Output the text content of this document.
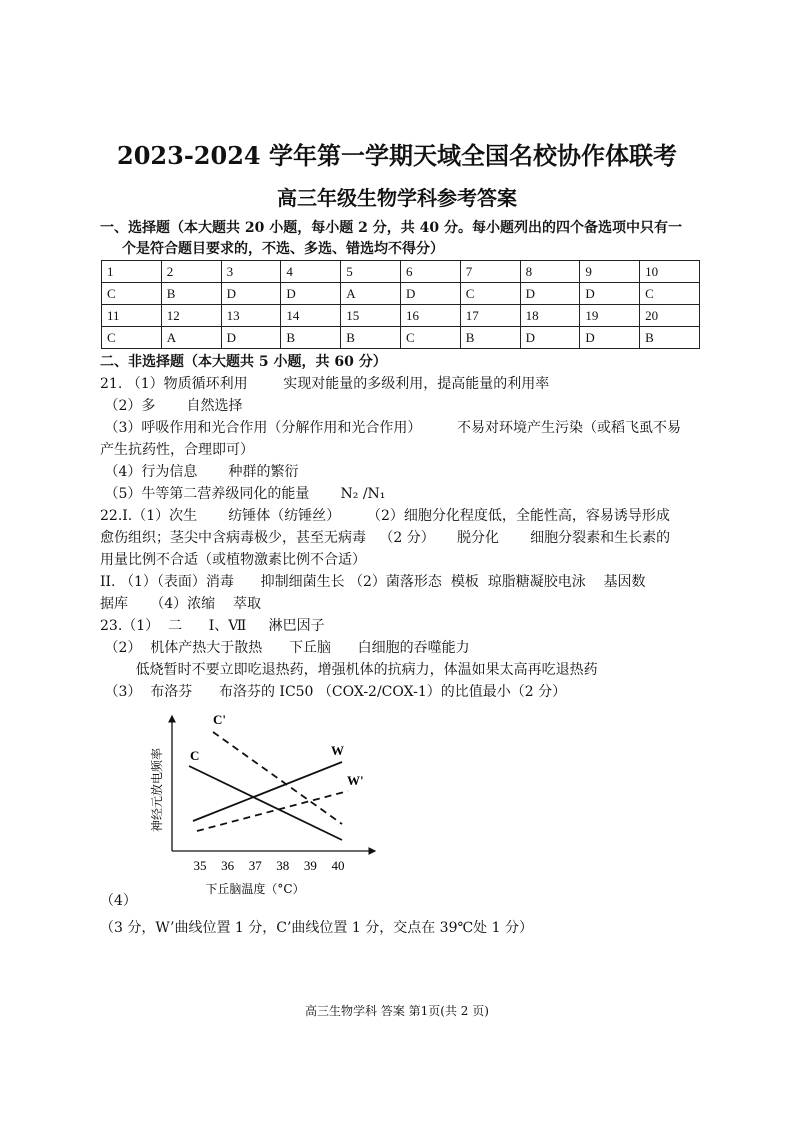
2023-2024 学年第一学期天域全国名校协作体联考
高三年级生物学科参考答案
一、选择题（本大题共 20 小题，每小题 2 分，共 40 分。每小题列出的四个备选项中只有一
个是符合题目要求的，不选、多选、错选均不得分）
1	2	3	4	5	6	7	8	9	10
C	B	D	D	A	D	C	D	D	C
11	12	13	14	15	16	17	18	19	20
C	A	D	B	B	C	B	D	D	B
二、非选择题（本大题共 5 小题，共 60 分）
21. （1）物质循环利用        实现对能量的多级利用，提高能量的利用率
（2）多       自然选择
（3）呼吸作用和光合作用（分解作用和光合作用）        不易对环境产生污染（或稻飞虱不易
产生抗药性，合理即可）
（4）行为信息       种群的繁衍
（5）牛等第二营养级同化的能量       N₂ /N₁
22.Ⅰ.（1）次生       纺锤体（纺锤丝）      （2）细胞分化程度低，全能性高，容易诱导形成
愈伤组织；茎尖中含病毒极少，甚至无病毒   （2 分）     脱分化       细胞分裂素和生长素的
用量比例不合适（或植物激素比例不合适）
II. （1）（表面）消毒      抑制细菌生长 （2）菌落形态  模板  琼脂糖凝胶电泳    基因数
据库     （4）浓缩    萃取
23.（1）  二      Ⅰ、Ⅶ     淋巴因子
（2）  机体产热大于散热      下丘脑      白细胞的吞噬能力
低烧暂时不要立即吃退热药，增强机体的抗病力，体温如果太高再吃退热药
（3）  布洛芬      布洛芬的 IC50 （COX-2/COX-1）的比值最小（2 分）
C'
C	W
W'
35 36 37 38 39 40
神经元放电频率
下丘脑温度（°C）
（4）
（3 分，W’曲线位置 1 分，C’曲线位置 1 分，交点在 39℃处 1 分）
高三生物学科 答案 第1页(共 2 页)
